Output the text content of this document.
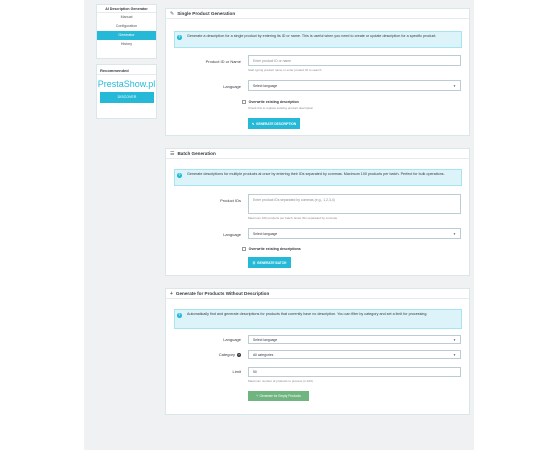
AI Description Generator
Manual
Configuration
Generator
History
Recommended
PrestaShow.pl
DISCOVER
✎ Single Product Generation
?	Generate a description for a single product by entering its ID or name. This is useful when you need to create or update description for a specific product.
Product ID or Name	Enter product ID or name
Start typing product name or enter product ID to search
Language	Select language	▼
Overwrite existing description
Check this to replace existing product description
✎ GENERATE DESCRIPTION
☰ Batch Generation
?	Generate descriptions for multiple products at once by entering their IDs separated by commas. Maximum 100 products per batch. Perfect for bulk operations.
Product IDs	Enter product IDs separated by commas (e.g., 1,2,3,4)
Maximum 100 products per batch. Enter IDs separated by commas
Language	Select language	▼
Overwrite existing descriptions
☰ GENERATE BATCH
+ Generate for Products Without Description
?	Automatically find and generate descriptions for products that currently have no description. You can filter by category and set a limit for processing.
Language	Select language	▼
Category ?	All categories	▼
Limit	50
Maximum number of products to process (1-100)
+ Generate for Empty Products
